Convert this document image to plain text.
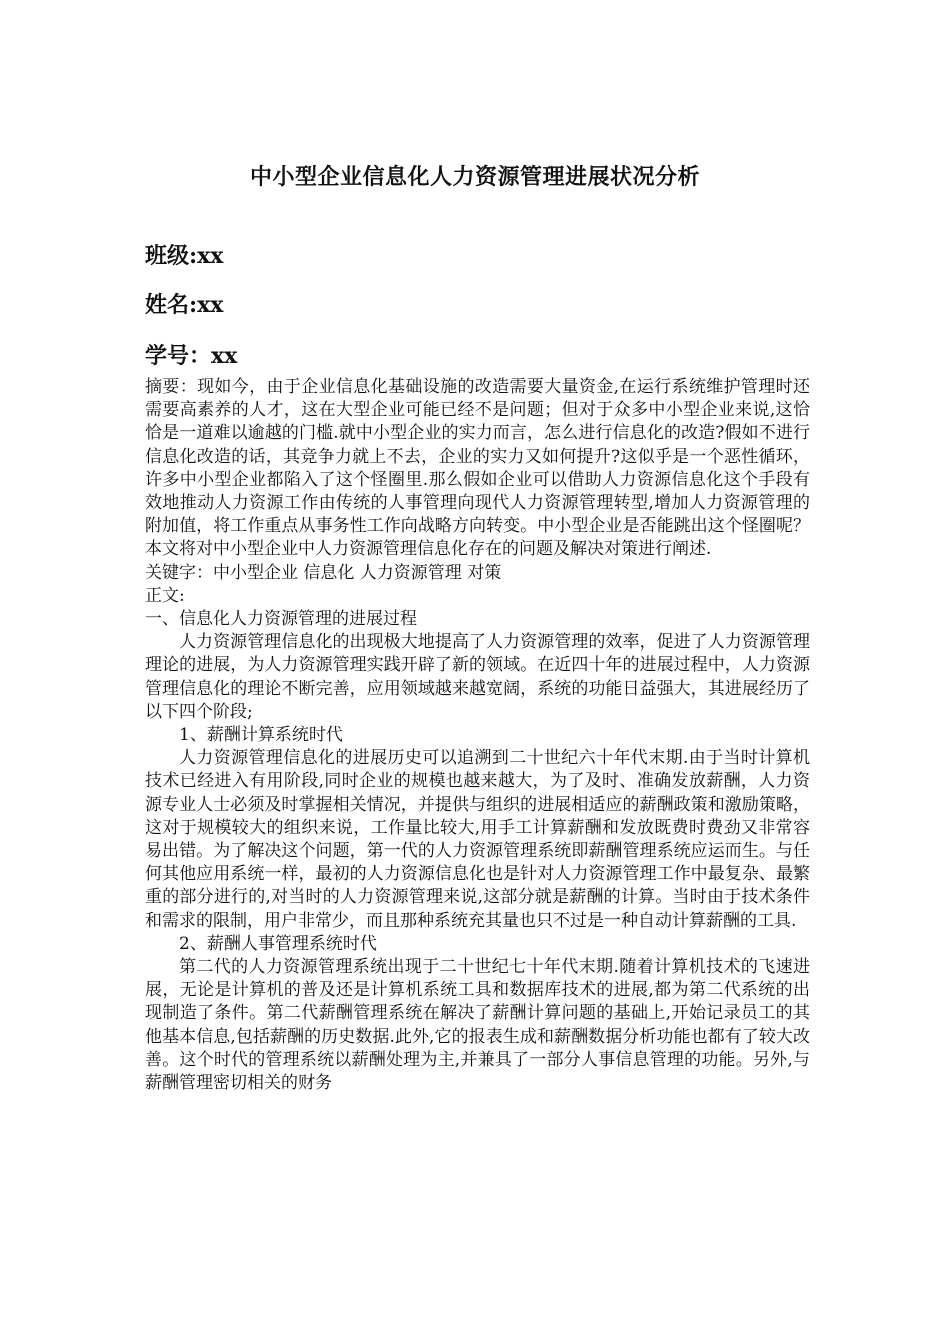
中小型企业信息化人力资源管理进展状况分析
班级:xx
姓名:xx
学号：xx

摘要：现如今，由于企业信息化基础设施的改造需要大量资金,在运行系统维护管理时还需要高素养的人才，这在大型企业可能已经不是问题；但对于众多中小型企业来说,这恰恰是一道难以逾越的门槛.就中小型企业的实力而言，怎么进行信息化的改造?假如不进行信息化改造的话，其竞争力就上不去，企业的实力又如何提升?这似乎是一个恶性循环，许多中小型企业都陷入了这个怪圈里.那么假如企业可以借助人力资源信息化这个手段有效地推动人力资源工作由传统的人事管理向现代人力资源管理转型,增加人力资源管理的附加值，将工作重点从事务性工作向战略方向转变。中小型企业是否能跳出这个怪圈呢？本文将对中小型企业中人力资源管理信息化存在的问题及解决对策进行阐述.

关键字：中小型企业 信息化 人力资源管理 对策

正文:

一、信息化人力资源管理的进展过程

人力资源管理信息化的出现极大地提高了人力资源管理的效率，促进了人力资源管理理论的进展，为人力资源管理实践开辟了新的领域。在近四十年的进展过程中，人力资源管理信息化的理论不断完善，应用领域越来越宽阔，系统的功能日益强大，其进展经历了以下四个阶段;

1、薪酬计算系统时代

人力资源管理信息化的进展历史可以追溯到二十世纪六十年代末期.由于当时计算机技术已经进入有用阶段,同时企业的规模也越来越大，为了及时、准确发放薪酬，人力资源专业人士必须及时掌握相关情况，并提供与组织的进展相适应的薪酬政策和激励策略，这对于规模较大的组织来说，工作量比较大,用手工计算薪酬和发放既费时费劲又非常容易出错。为了解决这个问题，第一代的人力资源管理系统即薪酬管理系统应运而生。与任何其他应用系统一样，最初的人力资源信息化也是针对人力资源管理工作中最复杂、最繁重的部分进行的,对当时的人力资源管理来说,这部分就是薪酬的计算。当时由于技术条件和需求的限制，用户非常少，而且那种系统充其量也只不过是一种自动计算薪酬的工具.

2、薪酬人事管理系统时代

第二代的人力资源管理系统出现于二十世纪七十年代末期.随着计算机技术的飞速进展，无论是计算机的普及还是计算机系统工具和数据库技术的进展,都为第二代系统的出现制造了条件。第二代薪酬管理系统在解决了薪酬计算问题的基础上,开始记录员工的其他基本信息,包括薪酬的历史数据.此外,它的报表生成和薪酬数据分析功能也都有了较大改善。这个时代的管理系统以薪酬处理为主,并兼具了一部分人事信息管理的功能。另外,与薪酬管理密切相关的财务
